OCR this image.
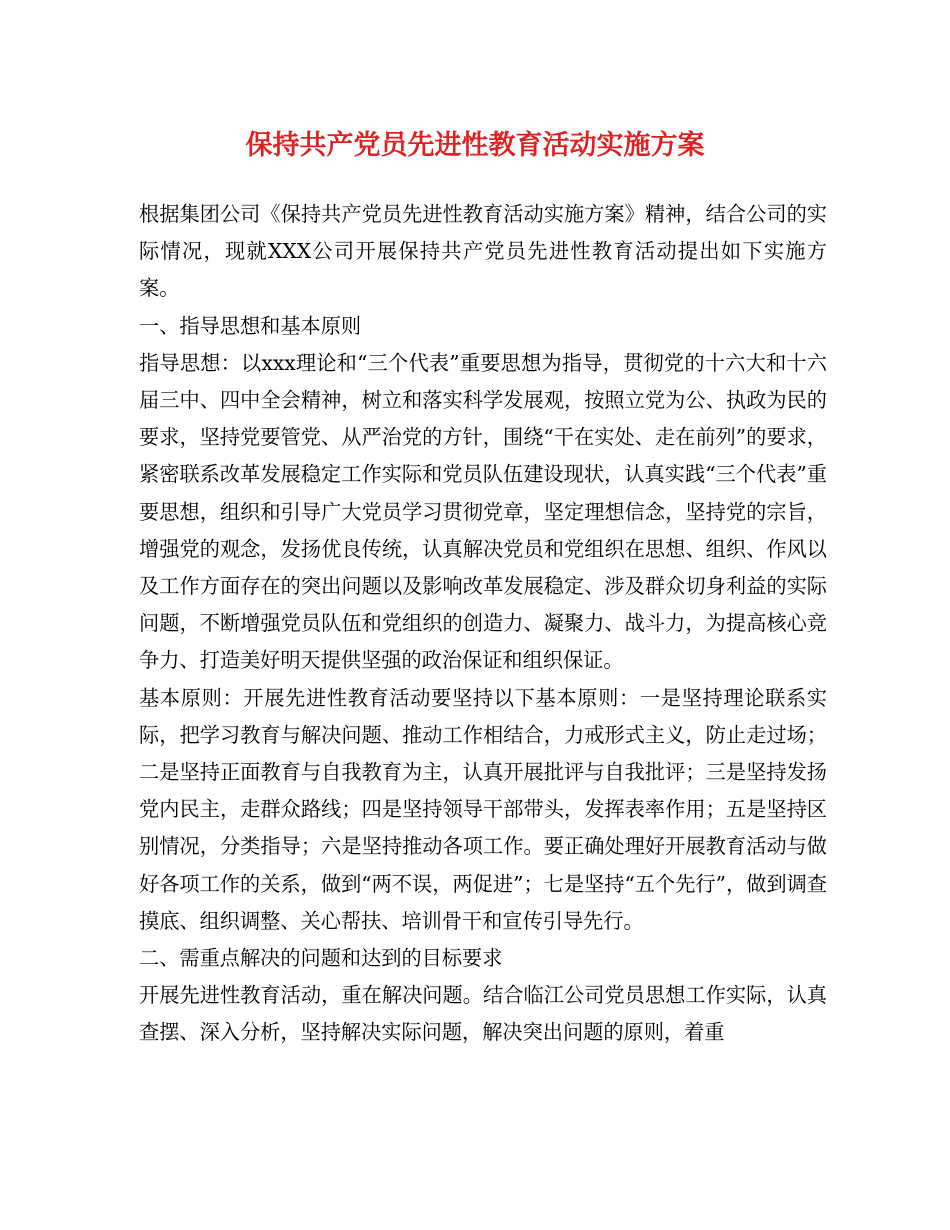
保持共产党员先进性教育活动实施方案

根据集团公司《保持共产党员先进性教育活动实施方案》精神，结合公司的实际情况，现就XXX公司开展保持共产党员先进性教育活动提出如下实施方案。

一、指导思想和基本原则

指导思想：以xxx理论和“三个代表”重要思想为指导，贯彻党的十六大和十六届三中、四中全会精神，树立和落实科学发展观，按照立党为公、执政为民的要求，坚持党要管党、从严治党的方针，围绕“干在实处、走在前列”的要求，紧密联系改革发展稳定工作实际和党员队伍建设现状，认真实践“三个代表”重要思想，组织和引导广大党员学习贯彻党章，坚定理想信念，坚持党的宗旨，增强党的观念，发扬优良传统，认真解决党员和党组织在思想、组织、作风以及工作方面存在的突出问题以及影响改革发展稳定、涉及群众切身利益的实际问题，不断增强党员队伍和党组织的创造力、凝聚力、战斗力，为提高核心竞争力、打造美好明天提供坚强的政治保证和组织保证。

基本原则：开展先进性教育活动要坚持以下基本原则：一是坚持理论联系实际，把学习教育与解决问题、推动工作相结合，力戒形式主义，防止走过场；二是坚持正面教育与自我教育为主，认真开展批评与自我批评；三是坚持发扬党内民主，走群众路线；四是坚持领导干部带头，发挥表率作用；五是坚持区别情况，分类指导；六是坚持推动各项工作。要正确处理好开展教育活动与做好各项工作的关系，做到“两不误，两促进”；七是坚持“五个先行”，做到调查摸底、组织调整、关心帮扶、培训骨干和宣传引导先行。

二、需重点解决的问题和达到的目标要求

开展先进性教育活动，重在解决问题。结合临江公司党员思想工作实际，认真查摆、深入分析，坚持解决实际问题，解决突出问题的原则，着重
